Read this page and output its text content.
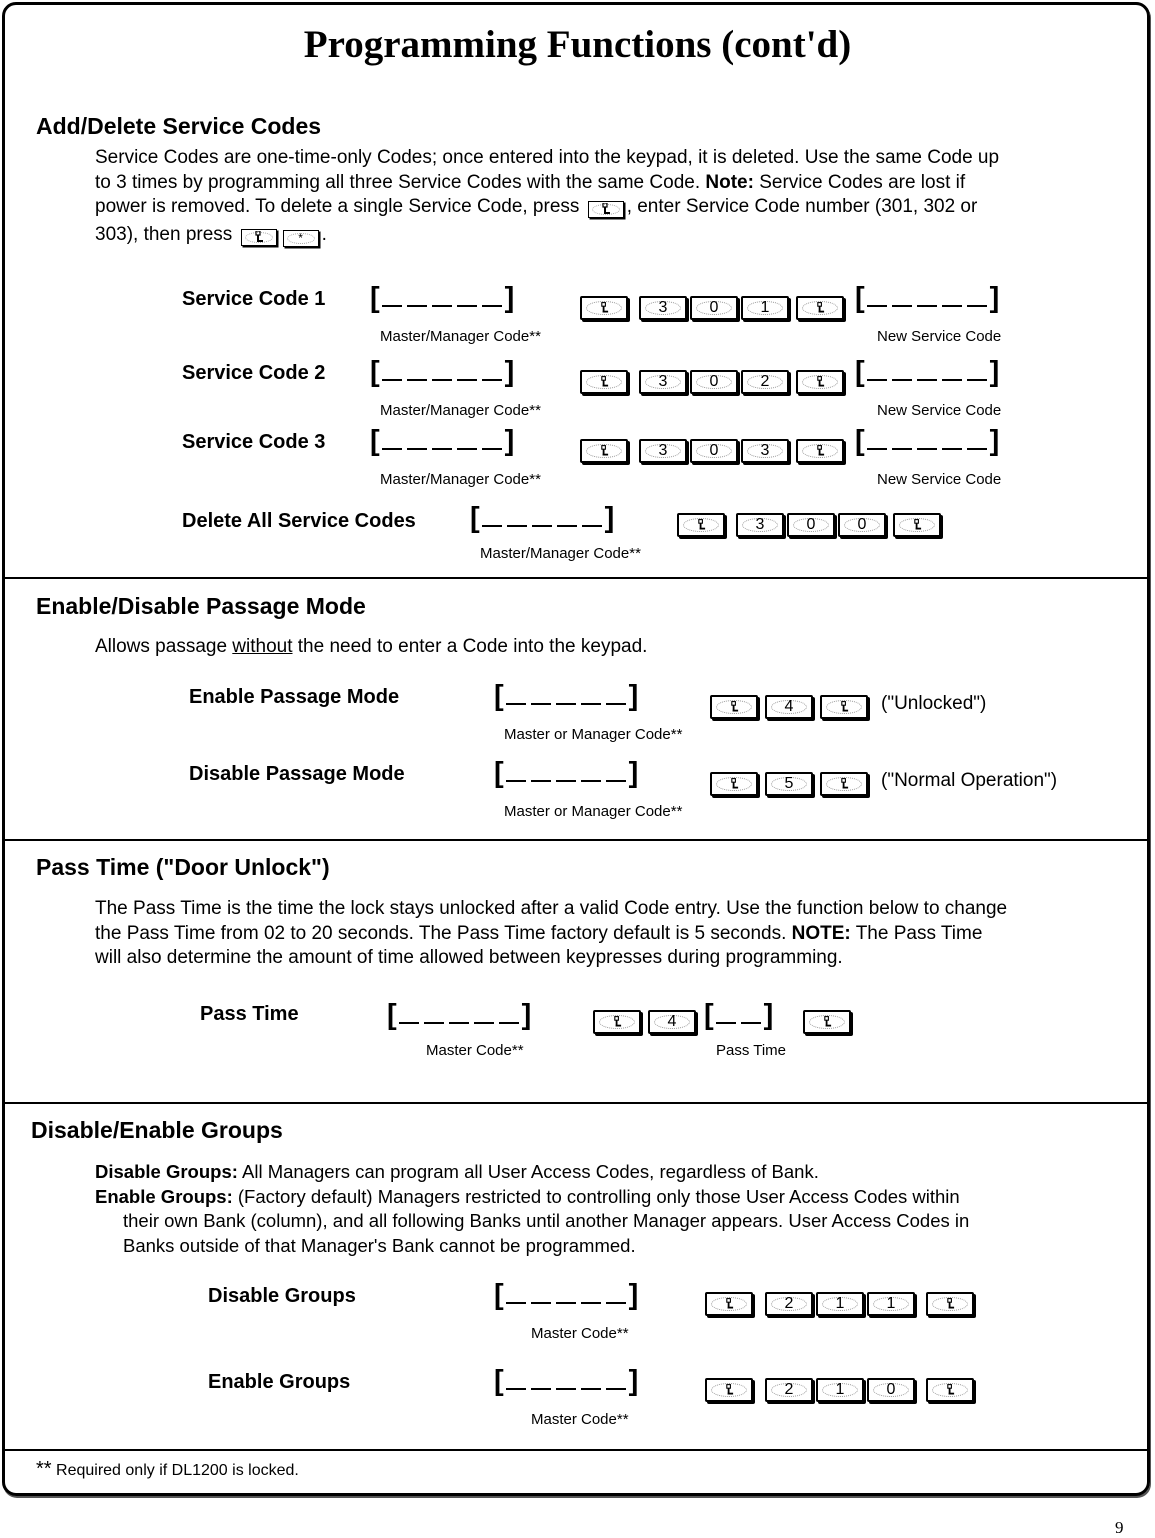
Programming Functions (cont'd)
Add/Delete Service Codes
Service Codes are one-time-only Codes; once entered into the keypad, it is deleted. Use the same Code up
to 3 times by programming all three Service Codes with the same Code. Note: Service Codes are lost if
power is removed. To delete a single Service Code, press , enter Service Code number (301, 302 or
303), then press	* .
Service Code 1 [	]	3	0	1	[	]
Master/Manager Code**	New Service Code
Service Code 2 [	]	3	0	2	[	]
Master/Manager Code**	New Service Code
Service Code 3 [	]	3	0	3	[	]
Master/Manager Code**	New Service Code
Delete All Service Codes [	]	3	0	0
Master/Manager Code**
Enable/Disable Passage Mode
Allows passage without the need to enter a Code into the keypad.
Enable Passage Mode	[	]	4	("Unlocked")
Master or Manager Code**
Disable Passage Mode	[	]	5	("Normal Operation")
Master or Manager Code**
Pass Time ("Door Unlock")
The Pass Time is the time the lock stays unlocked after a valid Code entry. Use the function below to change
the Pass Time from 02 to 20 seconds. The Pass Time factory default is 5 seconds. NOTE: The Pass Time
will also determine the amount of time allowed between keypresses during programming.
Pass Time	[	]	4 [ ]
Master Code**	Pass Time
Disable/Enable Groups
Disable Groups: All Managers can program all User Access Codes, regardless of Bank.
Enable Groups: (Factory default) Managers restricted to controlling only those User Access Codes within
their own Bank (column), and all following Banks until another Manager appears. User Access Codes in
Banks outside of that Manager's Bank cannot be programmed.
Disable Groups	[	]	2	1	1
Master Code**
Enable Groups	[	]	2	1	0
Master Code**
** Required only if DL1200 is locked.
9
